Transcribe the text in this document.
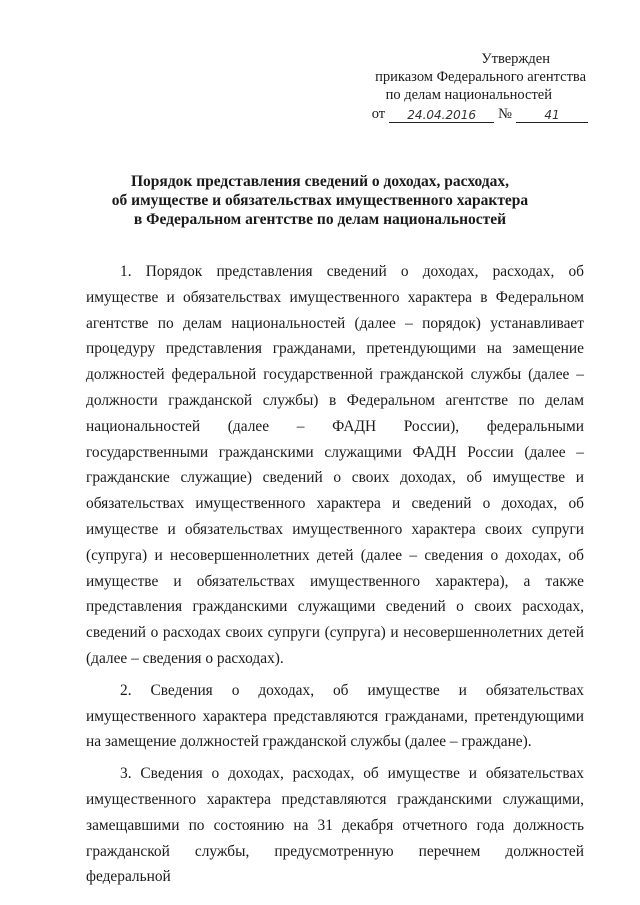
Утвержден
приказом Федерального агентства
по делам национальностей
от	24.04.2016	№	41
Порядок представления сведений о доходах, расходах,
об имуществе и обязательствах имущественного характера
в Федеральном агентстве по делам национальностей

1. Порядок представления сведений о доходах, расходах, об имуществе и обязательствах имущественного характера в Федеральном агентстве по делам национальностей (далее – порядок) устанавливает процедуру представления гражданами, претендующими на замещение должностей федеральной государственной гражданской службы (далее – должности гражданской службы) в Федеральном агентстве по делам национальностей (далее – ФАДН России), федеральными государственными гражданскими служащими ФАДН России (далее – гражданские служащие) сведений о своих доходах, об имуществе и обязательствах имущественного характера и сведений о доходах, об имуществе и обязательствах имущественного характера своих супруги (супруга) и несовершеннолетних детей (далее – сведения о доходах, об имуществе и обязательствах имущественного характера), а также представления гражданскими служащими сведений о своих расходах, сведений о расходах своих супруги (супруга) и несовершеннолетних детей (далее – сведения о расходах).

2. Сведения о доходах, об имуществе и обязательствах имущественного характера представляются гражданами, претендующими на замещение должностей гражданской службы (далее – граждане).

3. Сведения о доходах, расходах, об имуществе и обязательствах имущественного характера представляются гражданскими служащими, замещавшими по состоянию на 31 декабря отчетного года должность гражданской службы, предусмотренную перечнем должностей федеральной
